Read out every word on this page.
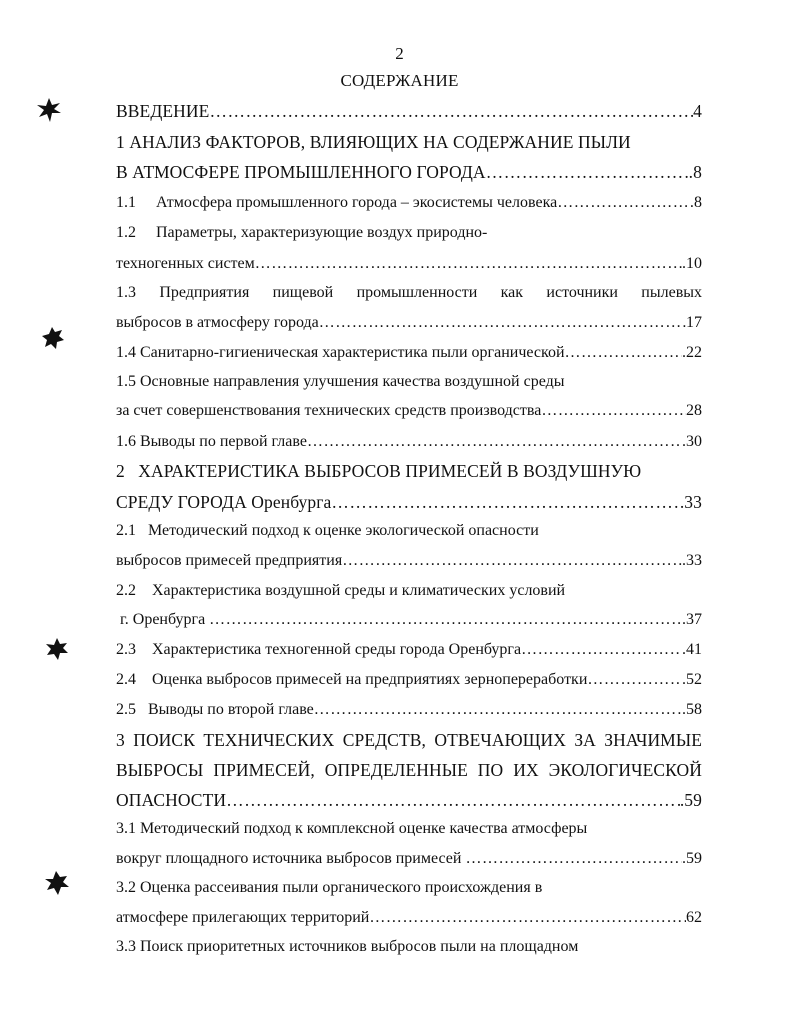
2
СОДЕРЖАНИЕ
ВВЕДЕНИЕ ……………………………………………………………………………………………………………………………………………………	4
1 АНАЛИЗ ФАКТОРОВ, ВЛИЯЮЩИХ НА СОДЕРЖАНИЕ ПЫЛИ
В АТМОСФЕРЕ ПРОМЫШЛЕННОГО ГОРОДА ……………………………………………………………………………………………………………………………………………………	.8
1.1     Атмосфера промышленного города – экосистемы человека ……………………………………………………………………………………………………………………………………………………	8
1.2     Параметры, характеризующие воздух природно-
техногенных систем ……………………………………………………………………………………………………………………………………………………	.10
1.3 Предприятия пищевой промышленности как источники пылевых
выбросов в атмосферу города ……………………………………………………………………………………………………………………………………………………	17
1.4 Санитарно-гигиеническая характеристика пыли органической ……………………………………………………………………………………………………………………………………………………	.22
1.5 Основные направления улучшения качества воздушной среды
за счет совершенствования технических средств производства ……………………………………………………………………………………………………………………………………………………	28
1.6 Выводы по первой главе ……………………………………………………………………………………………………………………………………………………	.30
2   ХАРАКТЕРИСТИКА ВЫБРОСОВ ПРИМЕСЕЙ В ВОЗДУШНУЮ
СРЕДУ ГОРОДА Оренбурга ……………………………………………………………………………………………………………………………………………………	.33
2.1   Методический подход к оценке экологической опасности
выбросов примесей предприятия ……………………………………………………………………………………………………………………………………………………	.33
2.2    Характеристика воздушной среды и климатических условий
г. Оренбурга ……………………………………………………………………………………………………………………………………………………	.37
2.3    Характеристика техногенной среды города Оренбурга ……………………………………………………………………………………………………………………………………………………	.41
2.4    Оценка выбросов примесей на предприятиях зернопереработки ……………………………………………………………………………………………………………………………………………………	.52
2.5   Выводы по второй главе ……………………………………………………………………………………………………………………………………………………	.58
3 ПОИСК ТЕХНИЧЕСКИХ СРЕДСТВ, ОТВЕЧАЮЩИХ ЗА ЗНАЧИМЫЕ
ВЫБРОСЫ ПРИМЕСЕЙ, ОПРЕДЕЛЕННЫЕ ПО ИХ ЭКОЛОГИЧЕСКОЙ
ОПАСНОСТИ ……………………………………………………………………………………………………………………………………………………	.59
3.1 Методический подход к комплексной оценке качества атмосферы
вокруг площадного источника выбросов примесей ……………………………………………………………………………………………………………………………………………………	.59
3.2 Оценка рассеивания пыли органического происхождения в
атмосфере прилегающих территорий ……………………………………………………………………………………………………………………………………………………	62
3.3 Поиск приоритетных источников выбросов пыли на площадном
